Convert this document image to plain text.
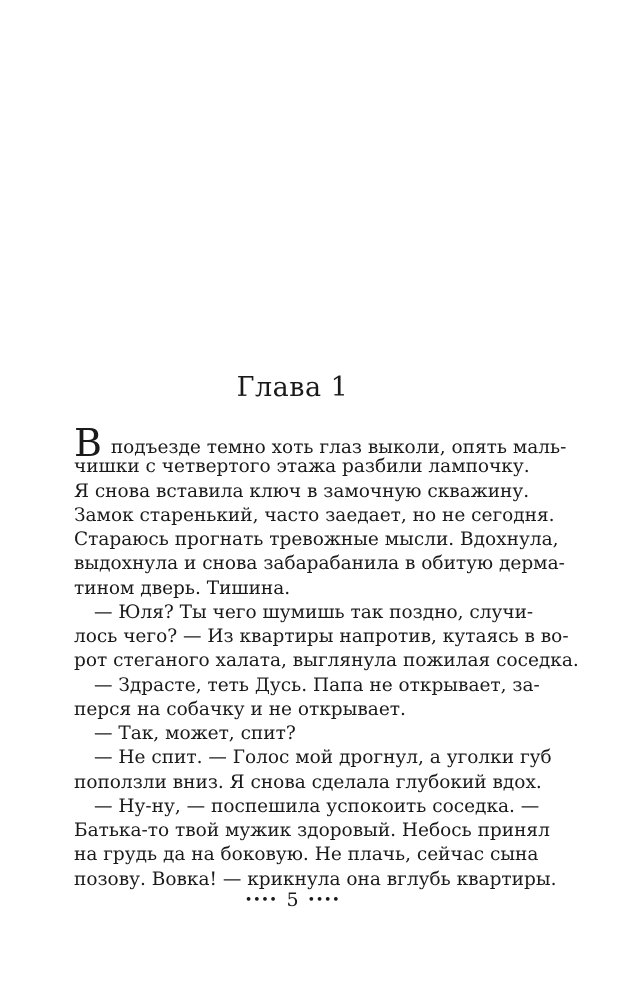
Глава 1
В подъезде темно хоть глаз выколи, опять маль-
чишки с четвертого этажа разбили лампочку.
Я снова вставила ключ в замочную скважину.
Замок старенький, часто заедает, но не сегодня.
Стараюсь прогнать тревожные мысли. Вдохнула,
выдохнула и снова забарабанила в обитую дерма-
тином дверь. Тишина.
— Юля? Ты чего шумишь так поздно, случи-
лось чего? — Из квартиры напротив, кутаясь в во-
рот стеганого халата, выглянула пожилая соседка.
— Здрасте, теть Дусь. Папа не открывает, за-
перся на собачку и не открывает.
— Так, может, спит?
— Не спит. — Голос мой дрогнул, а уголки губ
поползли вниз. Я снова сделала глубокий вдох.
— Ну-ну, — поспешила успокоить соседка. —
Батька-то твой мужик здоровый. Небось принял
на грудь да на боковую. Не плачь, сейчас сына
позову. Вовка! — крикнула она вглубь квартиры.
•••• 5 ••••
